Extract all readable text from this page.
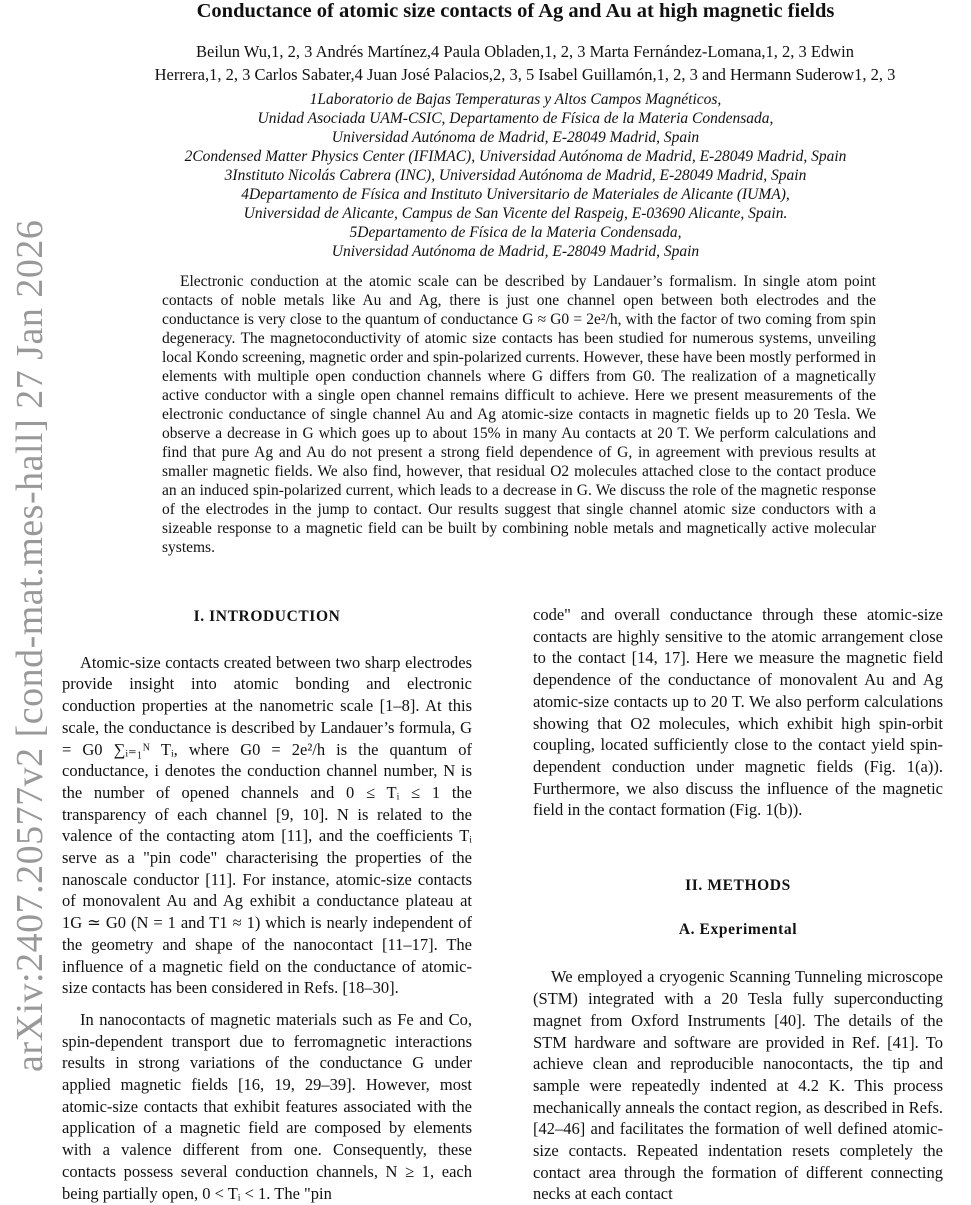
arXiv:2407.20577v2 [cond-mat.mes-hall] 27 Jan 2026
Conductance of atomic size contacts of Ag and Au at high magnetic fields
Beilun Wu,1, 2, 3 Andrés Martínez,4 Paula Obladen,1, 2, 3 Marta Fernández-Lomana,1, 2, 3 Edwin
Herrera,1, 2, 3 Carlos Sabater,4 Juan José Palacios,2, 3, 5 Isabel Guillamón,1, 2, 3 and Hermann Suderow1, 2, 3
1Laboratorio de Bajas Temperaturas y Altos Campos Magnéticos,
Unidad Asociada UAM-CSIC, Departamento de Física de la Materia Condensada,
Universidad Autónoma de Madrid, E-28049 Madrid, Spain
2Condensed Matter Physics Center (IFIMAC), Universidad Autónoma de Madrid, E-28049 Madrid, Spain
3Instituto Nicolás Cabrera (INC), Universidad Autónoma de Madrid, E-28049 Madrid, Spain
4Departamento de Física and Instituto Universitario de Materiales de Alicante (IUMA),
Universidad de Alicante, Campus de San Vicente del Raspeig, E-03690 Alicante, Spain.
5Departamento de Física de la Materia Condensada,
Universidad Autónoma de Madrid, E-28049 Madrid, Spain
Electronic conduction at the atomic scale can be described by Landauer’s formalism. In single atom point contacts of noble metals like Au and Ag, there is just one channel open between both electrodes and the conductance is very close to the quantum of conductance G ≈ G0 = 2e²/h, with the factor of two coming from spin degeneracy. The magnetoconductivity of atomic size contacts has been studied for numerous systems, unveiling local Kondo screening, magnetic order and spin-polarized currents. However, these have been mostly performed in elements with multiple open conduction channels where G differs from G0. The realization of a magnetically active conductor with a single open channel remains difficult to achieve. Here we present measurements of the electronic conductance of single channel Au and Ag atomic-size contacts in magnetic fields up to 20 Tesla. We observe a decrease in G which goes up to about 15% in many Au contacts at 20 T. We perform calculations and find that pure Ag and Au do not present a strong field dependence of G, in agreement with previous results at smaller magnetic fields. We also find, however, that residual O2 molecules attached close to the contact produce an an induced spin-polarized current, which leads to a decrease in G. We discuss the role of the magnetic response of the electrodes in the jump to contact. Our results suggest that single channel atomic size conductors with a sizeable response to a magnetic field can be built by combining noble metals and magnetically active molecular systems.
I. INTRODUCTION

Atomic-size contacts created between two sharp electrodes provide insight into atomic bonding and electronic conduction properties at the nanometric scale [1–8]. At this scale, the conductance is described by Landauer’s formula, G = G0 ∑ᵢ₌₁ᴺ Tᵢ, where G0 = 2e²/h is the quantum of conductance, i denotes the conduction channel number, N is the number of opened channels and 0 ≤ Tᵢ ≤ 1 the transparency of each channel [9, 10]. N is related to the valence of the contacting atom [11], and the coefficients Tᵢ serve as a "pin code" characterising the properties of the nanoscale conductor [11]. For instance, atomic-size contacts of monovalent Au and Ag exhibit a conductance plateau at 1G ≃ G0 (N = 1 and T1 ≈ 1) which is nearly independent of the geometry and shape of the nanocontact [11–17]. The influence of a magnetic field on the conductance of atomic-size contacts has been considered in Refs. [18–30].

In nanocontacts of magnetic materials such as Fe and Co, spin-dependent transport due to ferromagnetic interactions results in strong variations of the conductance G under applied magnetic fields [16, 19, 29–39]. However, most atomic-size contacts that exhibit features associated with the application of a magnetic field are composed by elements with a valence different from one. Consequently, these contacts possess several conduction channels, N ≥ 1, each being partially open, 0 < Tᵢ < 1. The "pin

code" and overall conductance through these atomic-size contacts are highly sensitive to the atomic arrangement close to the contact [14, 17]. Here we measure the magnetic field dependence of the conductance of monovalent Au and Ag atomic-size contacts up to 20 T. We also perform calculations showing that O2 molecules, which exhibit high spin-orbit coupling, located sufficiently close to the contact yield spin-dependent conduction under magnetic fields (Fig. 1(a)). Furthermore, we also discuss the influence of the magnetic field in the contact formation (Fig. 1(b)).

II. METHODS
A. Experimental

We employed a cryogenic Scanning Tunneling microscope (STM) integrated with a 20 Tesla fully superconducting magnet from Oxford Instruments [40]. The details of the STM hardware and software are provided in Ref. [41]. To achieve clean and reproducible nanocontacts, the tip and sample were repeatedly indented at 4.2 K. This process mechanically anneals the contact region, as described in Refs. [42–46] and facilitates the formation of well defined atomic-size contacts. Repeated indentation resets completely the contact area through the formation of different connecting necks at each contact
